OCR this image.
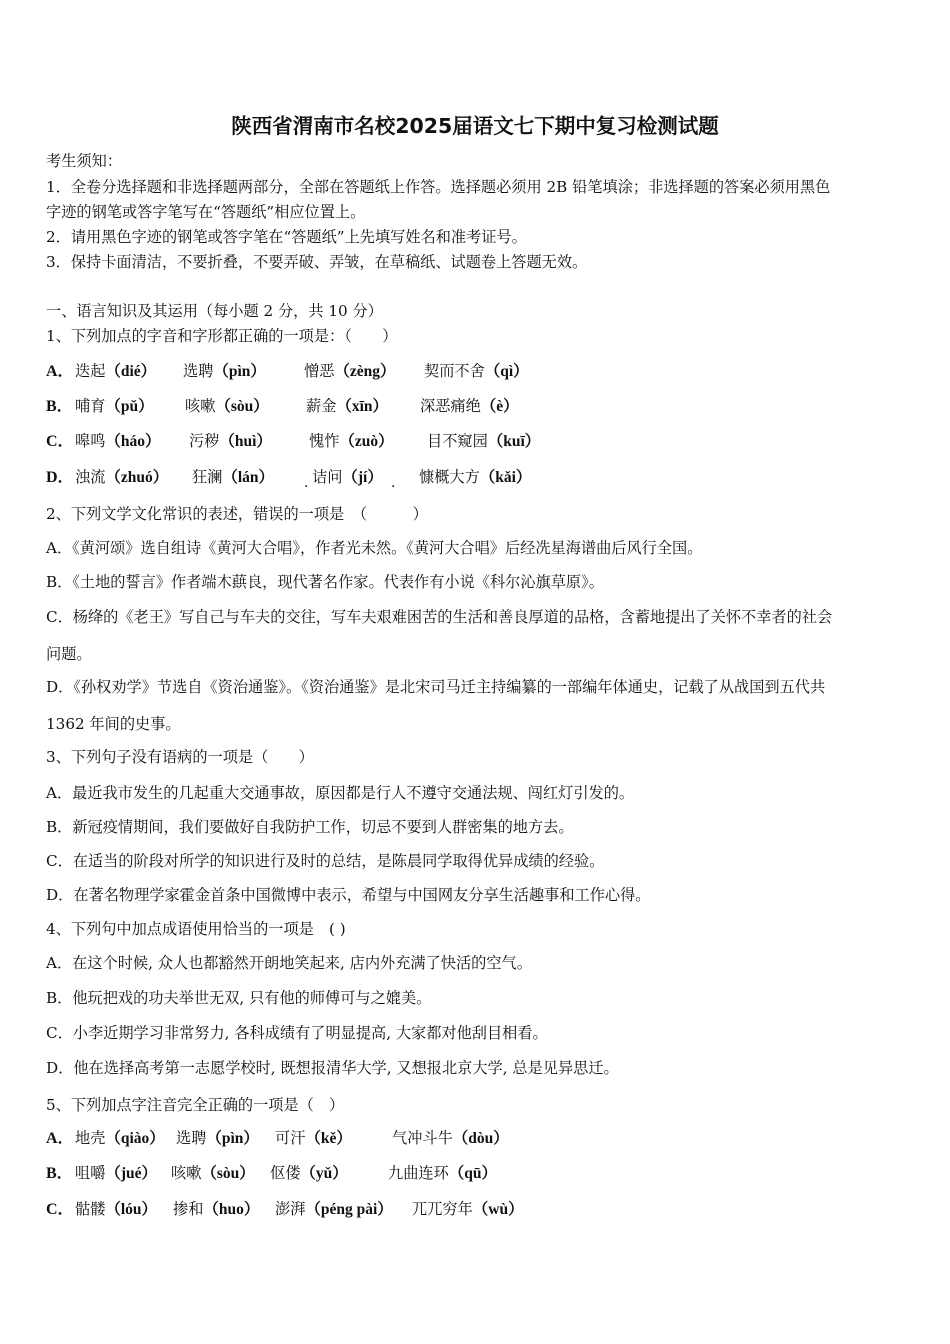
陕西省渭南市名校2025届语文七下期中复习检测试题
考生须知：
1．全卷分选择题和非选择题两部分，全部在答题纸上作答。选择题必须用 2B 铅笔填涂；非选择题的答案必须用黑色
字迹的钢笔或答字笔写在“答题纸”相应位置上。
2．请用黑色字迹的钢笔或答字笔在“答题纸”上先填写姓名和准考证号。
3．保持卡面清洁，不要折叠，不要弄破、弄皱，在草稿纸、试题卷上答题无效。
一、语言知识及其运用（每小题 2 分，共 10 分）
1、下列加点的字音和字形都正确的一项是：（　　）
A．迭起（dié） 选聘（pìn）	憎恶（zèng） 契而不舍（qì）
B． 哺育（pǔ） 咳嗽（sòu） 薪金（xīn） 深恶痛绝（è）
C．嗥鸣（háo） 污秽（huì） 愧怍（zuò） 目不窥园（kuī）
D．浊流（zhuó） 狂澜（lán） 诘问（jí） 慷概大方（kǎi）
·	·
2、下列文学文化常识的表述，错误的一项是　（　　　）
A．《黄河颂》选自组诗《黄河大合唱》，作者光未然。《黄河大合唱》后经冼星海谱曲后风行全国。
B．《土地的誓言》作者端木蕻良，现代著名作家。代表作有小说《科尔沁旗草原》。
C．杨绛的《老王》写自己与车夫的交往，写车夫艰难困苦的生活和善良厚道的品格，含蓄地提出了关怀不幸者的社会
问题。
D．《孙权劝学》节选自《资治通鉴》。《资治通鉴》是北宋司马迁主持编纂的一部编年体通史，记载了从战国到五代共
1362 年间的史事。
3、下列句子没有语病的一项是（　　）
A．最近我市发生的几起重大交通事故，原因都是行人不遵守交通法规、闯红灯引发的。
B．新冠疫情期间，我们要做好自我防护工作，切忌不要到人群密集的地方去。
C．在适当的阶段对所学的知识进行及时的总结，是陈晨同学取得优异成绩的经验。
D．在著名物理学家霍金首条中国微博中表示，希望与中国网友分享生活趣事和工作心得。
4、下列句中加点成语使用恰当的一项是　( )
A．在这个时候, 众人也都豁然开朗地笑起来, 店内外充满了快活的空气。
B．他玩把戏的功夫举世无双, 只有他的师傅可与之媲美。
C．小李近期学习非常努力, 各科成绩有了明显提高, 大家都对他刮目相看。
D．他在选择高考第一志愿学校时, 既想报清华大学, 又想报北京大学, 总是见异思迁。
5、下列加点字注音完全正确的一项是（　）
A．地壳（qiào） 选聘（pìn） 可汗（kě）	气冲斗牛（dòu）
B． 咀嚼（jué） 咳嗽（sòu） 伛偻（yǔ）	九曲连环（qū）
C．骷髅（lóu） 掺和（huo） 澎湃（péng pài） 兀兀穷年（wù）
